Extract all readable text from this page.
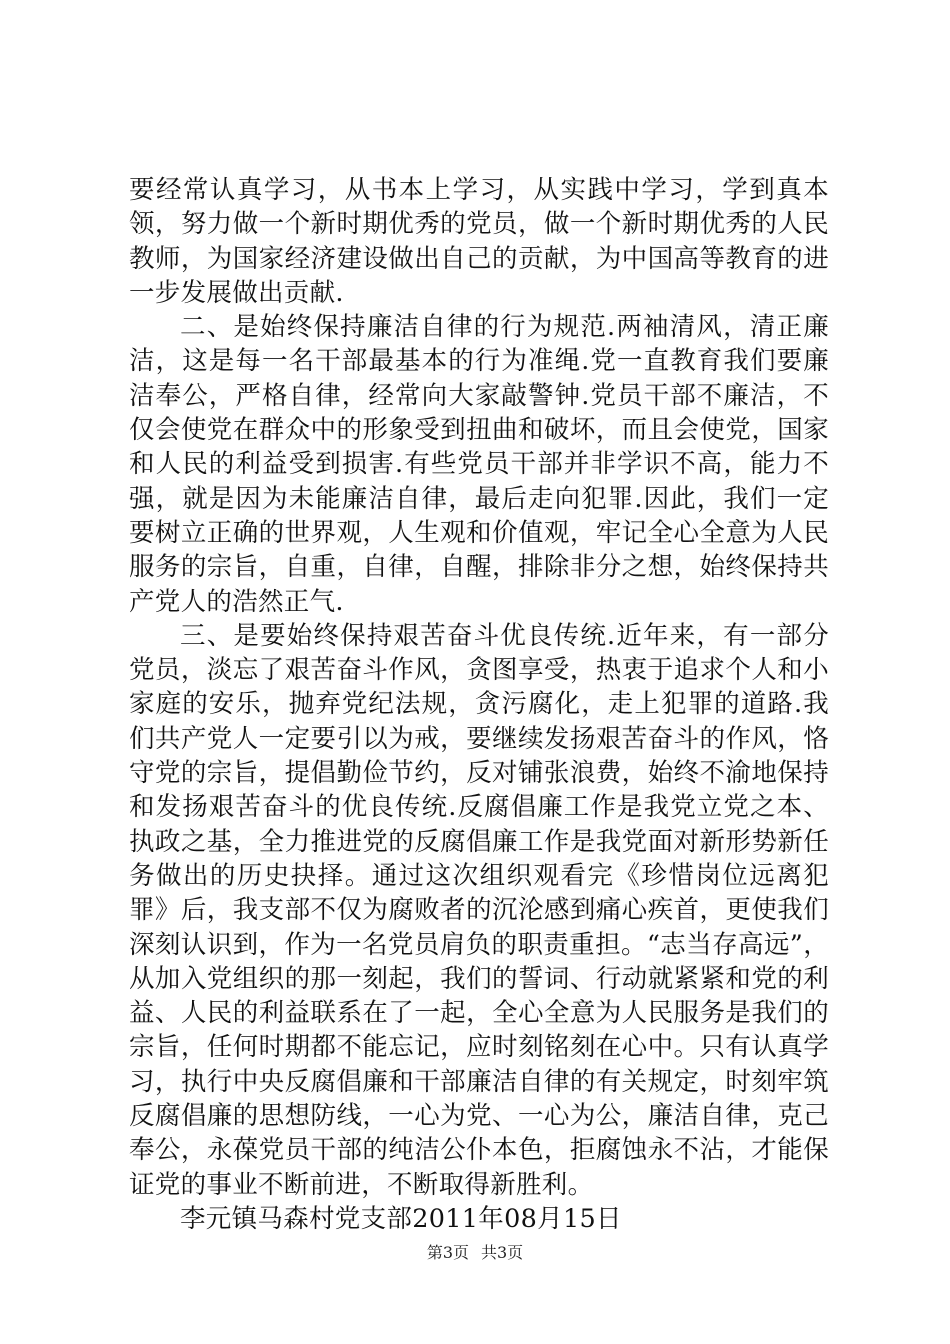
要经常认真学习，从书本上学习，从实践中学习，学到真本领，努力做一个新时期优秀的党员，做一个新时期优秀的人民教师，为国家经济建设做出自己的贡献，为中国高等教育的进一步发展做出贡献.

二、是始终保持廉洁自律的行为规范.两袖清风，清正廉洁，这是每一名干部最基本的行为准绳.党一直教育我们要廉洁奉公，严格自律，经常向大家敲警钟.党员干部不廉洁，不仅会使党在群众中的形象受到扭曲和破坏，而且会使党，国家和人民的利益受到损害.有些党员干部并非学识不高，能力不强，就是因为未能廉洁自律，最后走向犯罪.因此，我们一定要树立正确的世界观，人生观和价值观，牢记全心全意为人民服务的宗旨，自重，自律，自醒，排除非分之想，始终保持共产党人的浩然正气.

三、是要始终保持艰苦奋斗优良传统.近年来，有一部分党员，淡忘了艰苦奋斗作风，贪图享受，热衷于追求个人和小家庭的安乐，抛弃党纪法规，贪污腐化，走上犯罪的道路.我们共产党人一定要引以为戒，要继续发扬艰苦奋斗的作风，恪守党的宗旨，提倡勤俭节约，反对铺张浪费，始终不渝地保持和发扬艰苦奋斗的优良传统.反腐倡廉工作是我党立党之本、执政之基，全力推进党的反腐倡廉工作是我党面对新形势新任务做出的历史抉择。通过这次组织观看完《珍惜岗位远离犯罪》后，我支部不仅为腐败者的沉沦感到痛心疾首，更使我们深刻认识到，作为一名党员肩负的职责重担。“志当存高远”，从加入党组织的那一刻起，我们的誓词、行动就紧紧和党的利益、人民的利益联系在了一起，全心全意为人民服务是我们的宗旨，任何时期都不能忘记，应时刻铭刻在心中。只有认真学习，执行中央反腐倡廉和干部廉洁自律的有关规定，时刻牢筑反腐倡廉的思想防线，一心为党、一心为公，廉洁自律，克己奉公，永葆党员干部的纯洁公仆本色，拒腐蚀永不沾，才能保证党的事业不断前进，不断取得新胜利。

李元镇马森村党支部2011年08月15日

第3页 共3页
